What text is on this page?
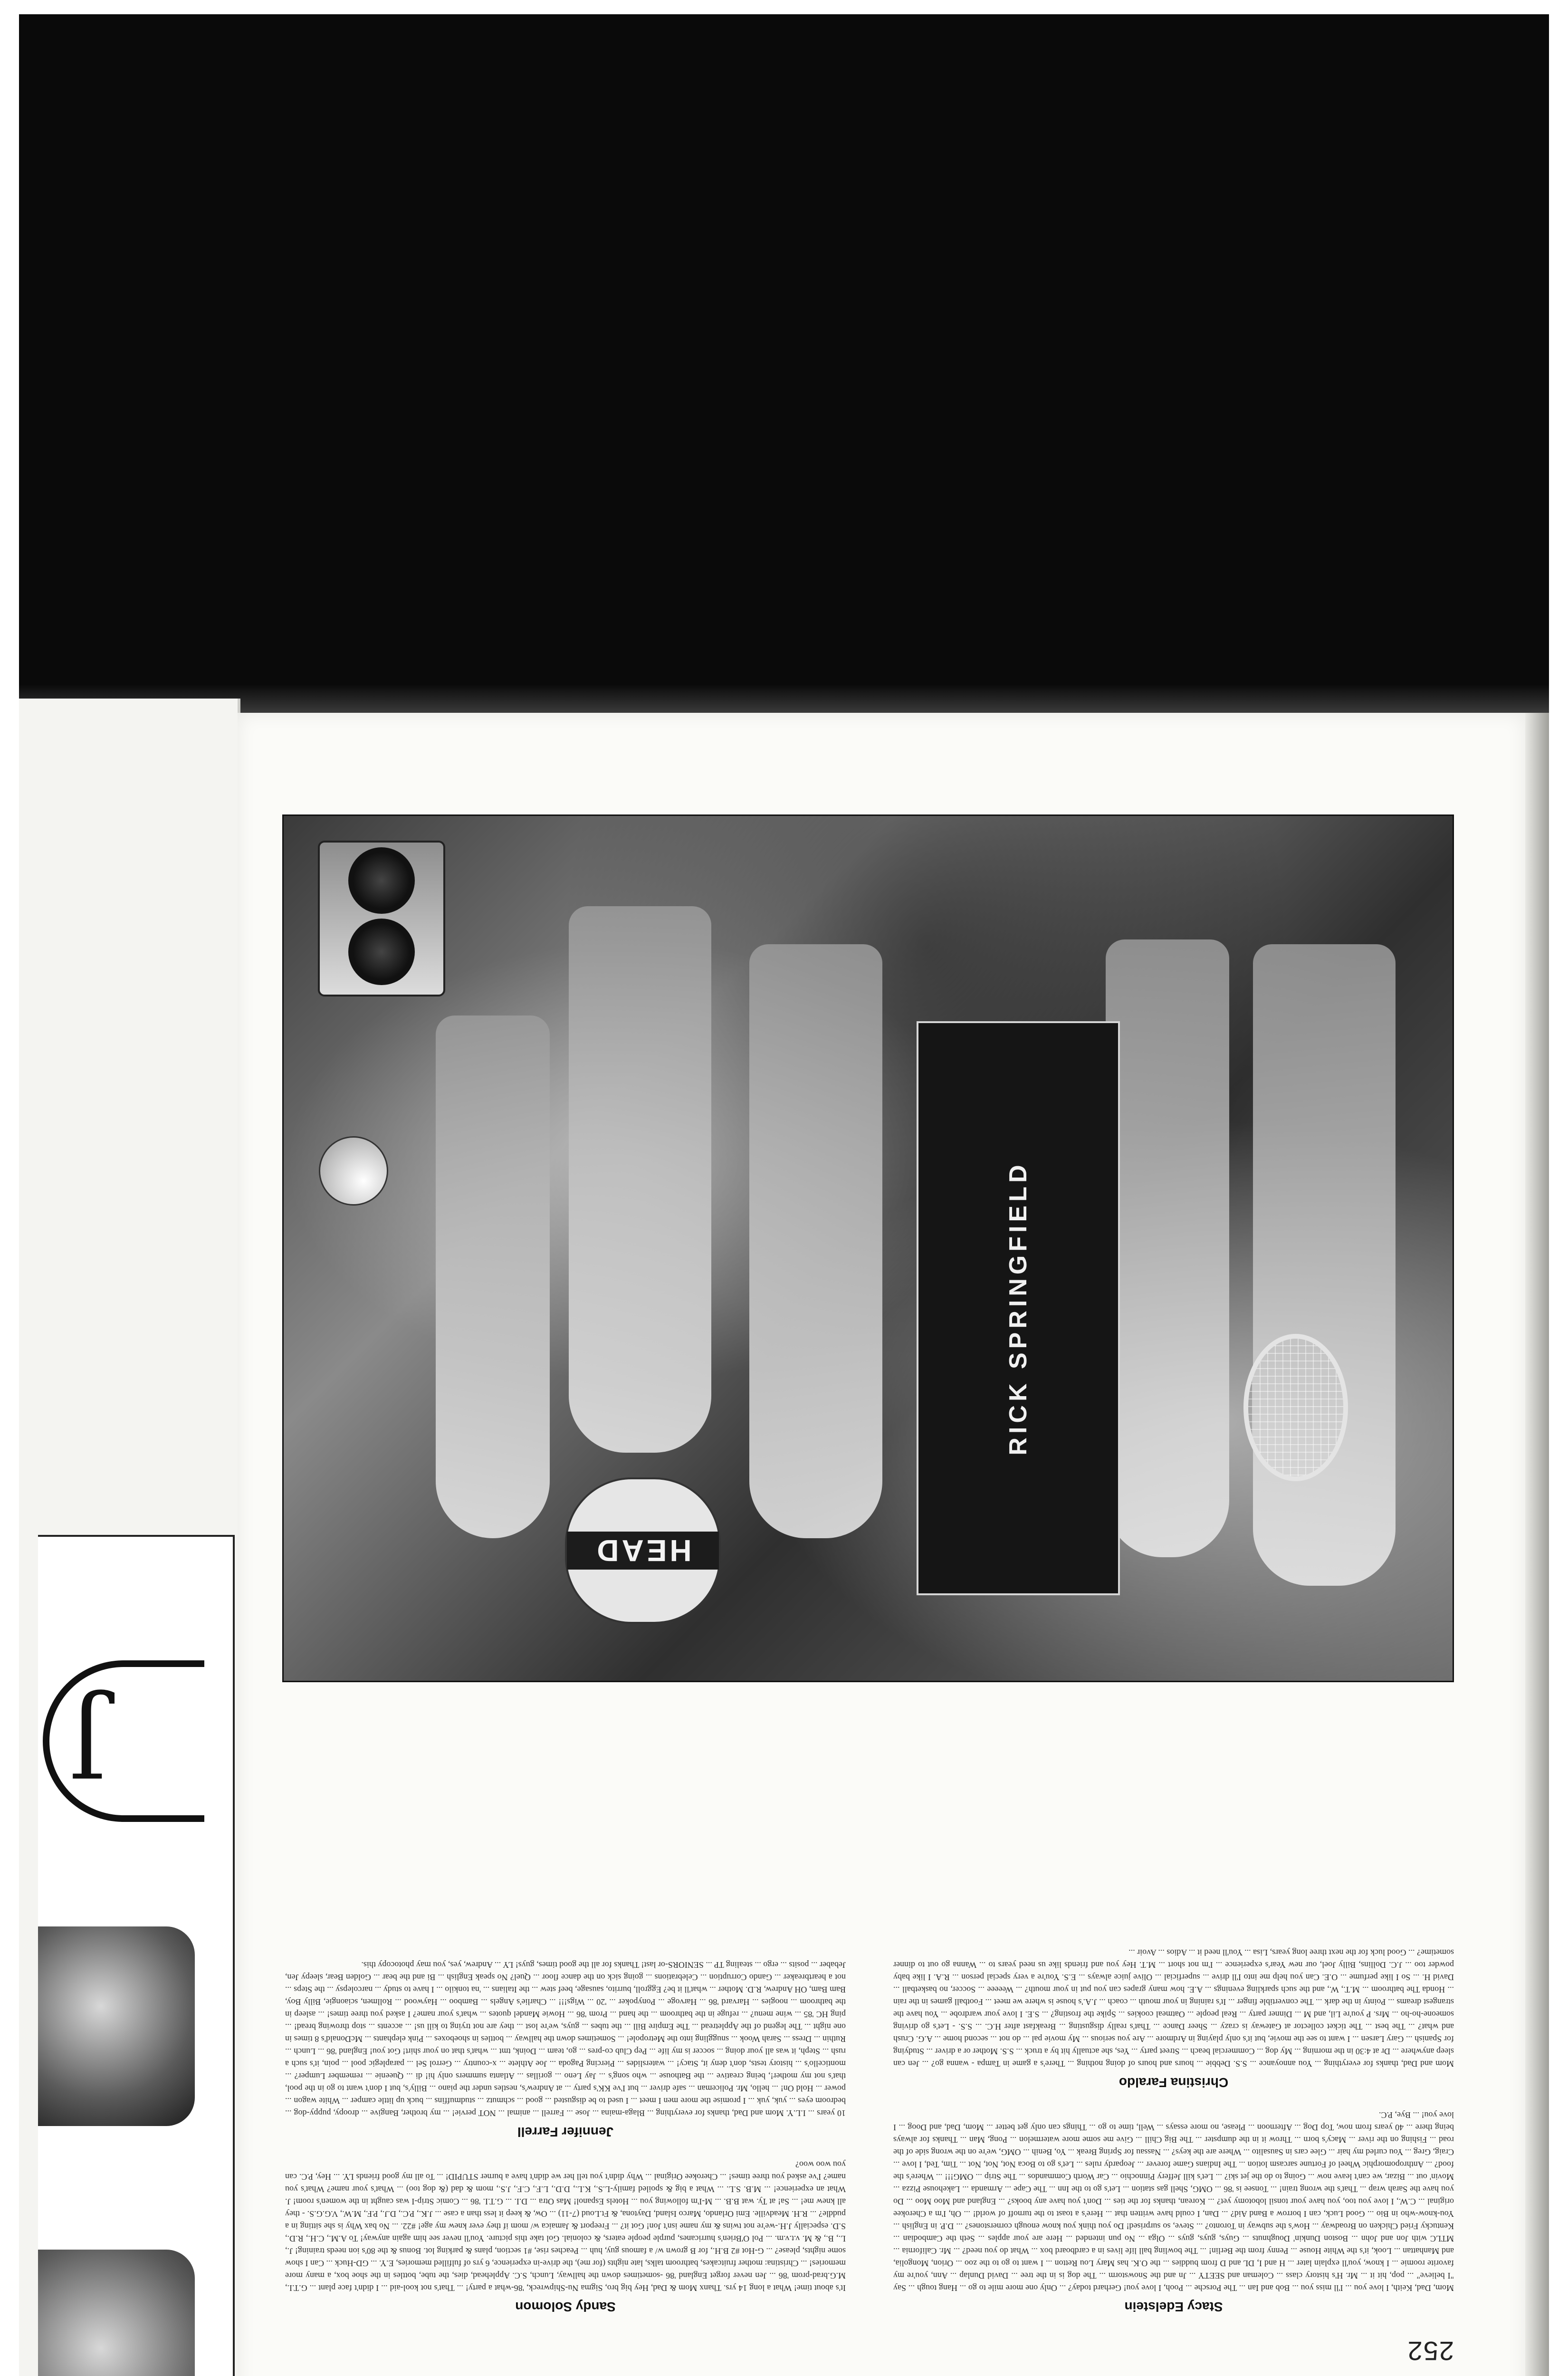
J
252
Stacy Edelstein

Mom, Dad, Keith, I love you ... I'll miss you ... Bob and Ian ... The Porsche ... Pooh, I love you! Gerhard today? ... Only one more mile to go ... Hang tough ... Say "I believe" ... pop, hit it ... Mr. H's history class ... Coleman and SEETY ... Jn and the Snowstorm ... The dog is in the tree ... David Dunlap ... Ann, you're my favorite roomie ... I know, you'll explain later ... H and I, DL and D from buddies ... the O.K. has Mary Lou Retton ... I want to go to the zoo ... Orion, Mongolia, and Manhattan ... Look, it's the White House ... Penny from the Berlin! ... The bowling ball life lives in a cardboard box ... What do you need? ... Mr. California ... MTLC with Jon and John ... Boston Dunkin' Doughnuts ... Guys, guys, guys ... Olga ... No pun intended ... Here are your apples ... Seth the Cambodian ... Kentucky Fried Chicken on Broadway ... How's the subway in Toronto? ... Steve, so surprised! Do you think you know enough cornerstones? ... D.P. in English ... You-know-who in Bio ... Good Luck, can I borrow a Band Aid? ... Dan, I could have written that ... Here's a toast to the turnoff of world! ... Oh, I'm a Cherokee original ... C.W., I love you too, you have your tonsil lobotomy yet? ... Korean, thanks for the ties ... Don't you have any books? ... England and Moo Moo ... Do you have the Sarah wrap ... That's the wrong train! ... Tonsee is '86 ... OMG, Shell gas station ... Let's go to the Inn ... The Cape ... Armanda ... Lakehouse Pizza ... Movin' out ... Bizar, we can't leave now ... Going to do the jet ski? ... Let's kill Jeffery Pinnochio ... Car Worth Commandos ... The Strip ... OMG!!! ... Where's the food? ... Anthropomorphic Wheel of Fortune sarcasm lotion ... The Indians Game forever ... Jeopardy rules ... Let's go to Boca Not, Not, Not ... Tim, Ted, I love ... Craig, Greg ... You curled my hair ... Glee cars in Sausalito ... Where are the keys? ... Nassau for Spring Break ... Yo, Benih ... OMG, we're on the wrong side of the road ... Fishing on the river ... Macy's born ... Throw it in the dumpster ... The Big Chill ... Give me some more watermelon ... Pong, Man ... Thanks for always being there ... 40 years from now, Top Dog ... Afternoon ... Please, no more essays ... Well, time to go ... Things can only get better ... Mom, Dad, and Doog ... I love you! ... Bye, P.C.

Christina Faraldo

Mom and Dad, thanks for everything ... You annoyance ... S.S. Debbie ... hours and hours of doing nothing ... There's a game in Tampa - wanna go? ... Jen can sleep anywhere ... Dr at 4:30 in the morning ... My dog ... Commercial beach ... Street party ... Yes, she actually hit by a truck ... S.S. Mother or a driver ... Studying for Spanish ... Gary Larsen ... I want to see the movie, but it's only playing in Ardmore ... Are you serious ... My movie pal ... do not ... second home ... A.G. Crush and what? ... The best ... The ticket collector at Gateway is crazy ... Sheer Dance ... That's really disgusting ... Breakfast after H.C. ... S.S. - Let's go driving someone-ho-ho ... Mrs. P you're Lil, and M ... Dinner party ... Real people ... Oatmeal cookies ... Spike the frosting? ... S.E. I love your wardrobe ... You have the strangest dreams ... Pointy in the dark ... The convertible finger ... It's raining in your mouth ... coach ... J.A.'s house is where we meet ... Football games in the rain ... Honda The bathroom ... M.T., W., and the such sparkling evenings ... A.E. how many grapes can you put in your mouth? ... Weeeee ... Soccer, no basketball ... David H. ... So I like perfume ... O.E. Can you help me into I'll drive ... superficial ... Olive juice always ... E.S. You're a very special person ... R.A. I like baby powder too ... J.C. Dollins, Billy Joel, our new Year's experience ... I'm not short ... M.T. Hey you and friends like us need years to ... Wanna go out to dinner sometime? ... Good luck for the next three long years, Lisa ... You'll need it ... Adios ... Avoir ...

Sandy Solomon

It's about time! What a long 14 yrs. Thanx Mom & Dad, Hey big bro, Sigma Nu-Shipwreck, '86-what a party! ... That's not kool-aid ... I didn't face plant ... G.T.I., M.G.brad-prom '86 ... Jen never forget England '86 -sometimes down the hallway, Lunch, S.C. Applehead, dies, the tube, bottles in the shoe box, a many more memories! ... Christina: mother fruitcakes, bathroom talks, late nights (for me), the drive-in experience, 6 yrs of fulfilled memories, E.Y. ... GD-Huck ... Can I show some nights, please? ... G-Hot #2 B.H., for B grown w/ a famous guy, huh ... Peaches rise, #1 section, plans & parking lot. Bonus & the 80's ion needs training! J., L., B., & M. v.t.v.m. ... Pol O'Brien's hurricanes, purple people eaters, & colonial. Gol take this picture. You'll never see him again anyway! To A.M., C.H., R.D., S.D. especially J.H.-we're not twins & my name isn't Jon! Got it? ... Freeport & Jamaica w/ mom if they ever knew my age! #22. ... No bax Why is she sitting in a puddle? ... R.H. Meadville. Emi Orlando, Marco Island, Daytona, & Ft.Loud (7-11) ... Ow, & keep it less than a case ... J.K., P.C., D.J., P.F., M.W., V.G.G.S. - they all knew me! ... Sa! at Ty. wat B.B. ... M-I'm following you ... Hotels Espanol! Mas Otra ... D.I. ... G.T.I. '86 ... Comic Strip-I was caught in the women's room! J. What an experience! ... M.B. S.L. ... What a big & spoiled family-L.S., K.L., D.D., L.F., C.F., J.S., mom & dad (& dog too) ... What's your name? What's you name? I've asked you three times! ... Cherokee Original ... Why didn't you tell her we didn't have a burner STUPID! ... To all my good friends LY. ... Hey, P.C. can you woo woo?

Jennifer Farrell

10 years ... I.L.Y. Mom and Dad, thanks for everything ... Blaga-maina ... Jose ... Farrell ... animal ... NOT pervie! ... my brother, Bangive ... droopy, puppy-dog ... bedroom eyes ... yuk, yuk ... I promise the more men I meet ... I used to be disgusted ... good ... schmutz ... studmuffins ... buck up little camper ... White wagon ... power ... Hold On! ... hello, Mr. Policeman ... safe driver ... but I've KK's party ... at Andrew's, nestles under the piano ... Billy's, but I don't want to go in the pool, that's not my mother!, being creative ... the Bathouse ... who song's ... Jay Leno ... gorillas ... Atlanta summers only hi! di ... Queenie ... remember Lumper? ... monticello's ... history tests, don't deny it, Stacy! ... waterslides ... Piercing Pagoda ... Joe Athlete ... x-country ... Gerrol Sel ... paraplegic pool ... poin, it's such a rush ... Steph, it was all your doing ... soccer is my life ... Pep Club co-pres ... go, team ... Doink, tmt ... what's that on your shirt! Got you! England '86 ... Lunch ... Ruthin ... Dress ... Sarah Wook ... snuggling into the Metropole! ... Sometimes down the hallway ... bottles in shoeboxes ... Pink elephants ... McDonald's 8 times in one night ... The legend of the Appletread ... The Empire Bill ... the tubes ... guys, we're lost ... they are not trying to kill us! ... accents ... stop throwing bread! ... ping HC '85 ... wine menu? ... refuge in the bathroom ... the hand ... Prom '86 ... Howie Mandel quotes ... what's your name? I asked you three times! ... asleep in the bathroom ... noogies ... Harvard '86 ... Harvoge ... Ponypoker ... '20 ... Wigs!!! ... Charlie's Angels ... Bamboo ... Haywood ... Rollmen, sciaongie, Billy Boy, Bam Bam, OH Andrew, R.D. Mother ... what'll it be? Eggroll, burrito, sausage, beef stew ... the Italians ... 'na tonkilo ... I have to study ... narcolepsy ... the Steps ... not a heartbreaker ... Gando Corruption ... Celebrations ... going sick on the dance floor ... Quel? No speak English ... Bi and the bear ... Golden Bear, sleepy Jen, Jebaber ... posits ... ergo ... stealing TP ... SENIORS-or last! Thanks for all the good times, guys! LY ... Andrew, yes, you may photocopy this.

RICK SPRINGFIELD
HEAD
